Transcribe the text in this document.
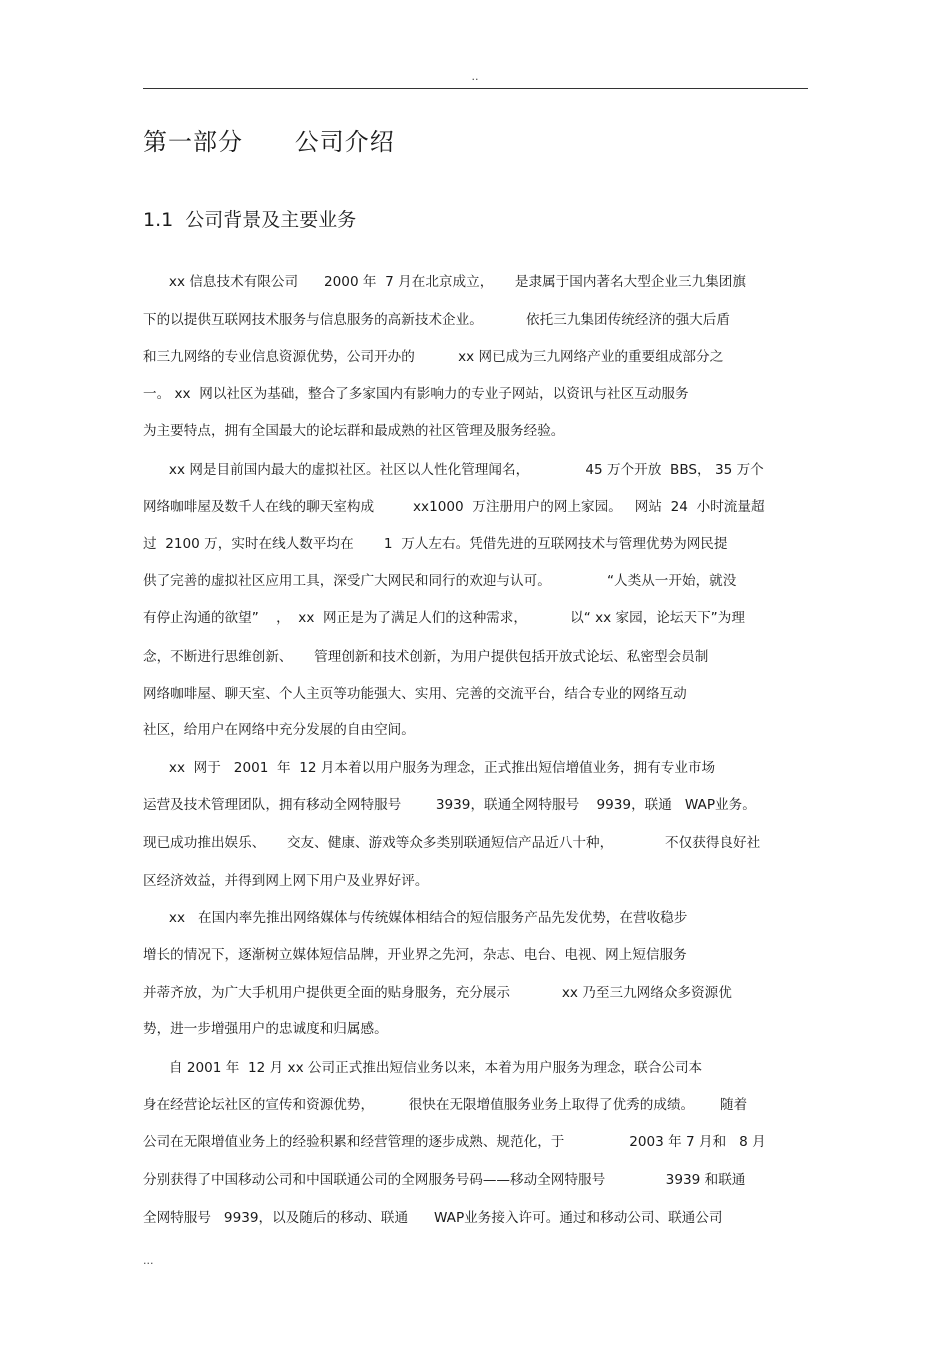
..
第一部分      公司介绍
1.1  公司背景及主要业务
xx 信息技术有限公司      2000 年  7 月在北京成立，     是隶属于国内著名大型企业三九集团旗
下的以提供互联网技术服务与信息服务的高新技术企业。          依托三九集团传统经济的强大后盾
和三九网络的专业信息资源优势，公司开办的          xx 网已成为三九网络产业的重要组成部分之
一。 xx  网以社区为基础，整合了多家国内有影响力的专业子网站，以资讯与社区互动服务
为主要特点，拥有全国最大的论坛群和最成熟的社区管理及服务经验。
xx 网是目前国内最大的虚拟社区。社区以人性化管理闻名，             45 万个开放  BBS， 35 万个
网络咖啡屋及数千人在线的聊天室构成         xx1000  万注册用户的网上家园。   网站  24  小时流量超
过  2100 万，实时在线人数平均在       1  万人左右。凭借先进的互联网技术与管理优势为网民提
供了完善的虚拟社区应用工具，深受广大网民和同行的欢迎与认可。             “人类从一开始，就没
有停止沟通的欲望”    ，  xx  网正是为了满足人们的这种需求，          以“ xx 家园，论坛天下”为理
念，不断进行思维创新、     管理创新和技术创新，为用户提供包括开放式论坛、私密型会员制
网络咖啡屋、聊天室、个人主页等功能强大、实用、完善的交流平台，结合专业的网络互动
社区，给用户在网络中充分发展的自由空间。
xx  网于   2001  年  12 月本着以用户服务为理念，正式推出短信增值业务，拥有专业市场
运营及技术管理团队，拥有移动全网特服号        3939，联通全网特服号    9939，联通   WAP业务。
现已成功推出娱乐、     交友、健康、游戏等众多类别联通短信产品近八十种，            不仅获得良好社
区经济效益，并得到网上网下用户及业界好评。
xx   在国内率先推出网络媒体与传统媒体相结合的短信服务产品先发优势，在营收稳步
增长的情况下，逐渐树立媒体短信品牌，开业界之先河，杂志、电台、电视、网上短信服务
并蒂齐放，为广大手机用户提供更全面的贴身服务，充分展示            xx 乃至三九网络众多资源优
势，进一步增强用户的忠诚度和归属感。
自 2001 年  12 月 xx 公司正式推出短信业务以来，本着为用户服务为理念，联合公司本
身在经营论坛社区的宣传和资源优势，        很快在无限增值服务业务上取得了优秀的成绩。      随着
公司在无限增值业务上的经验积累和经营管理的逐步成熟、规范化，于               2003 年 7 月和   8 月
分别获得了中国移动公司和中国联通公司的全网服务号码——移动全网特服号              3939 和联通
全网特服号   9939，以及随后的移动、联通      WAP业务接入许可。通过和移动公司、联通公司
...
